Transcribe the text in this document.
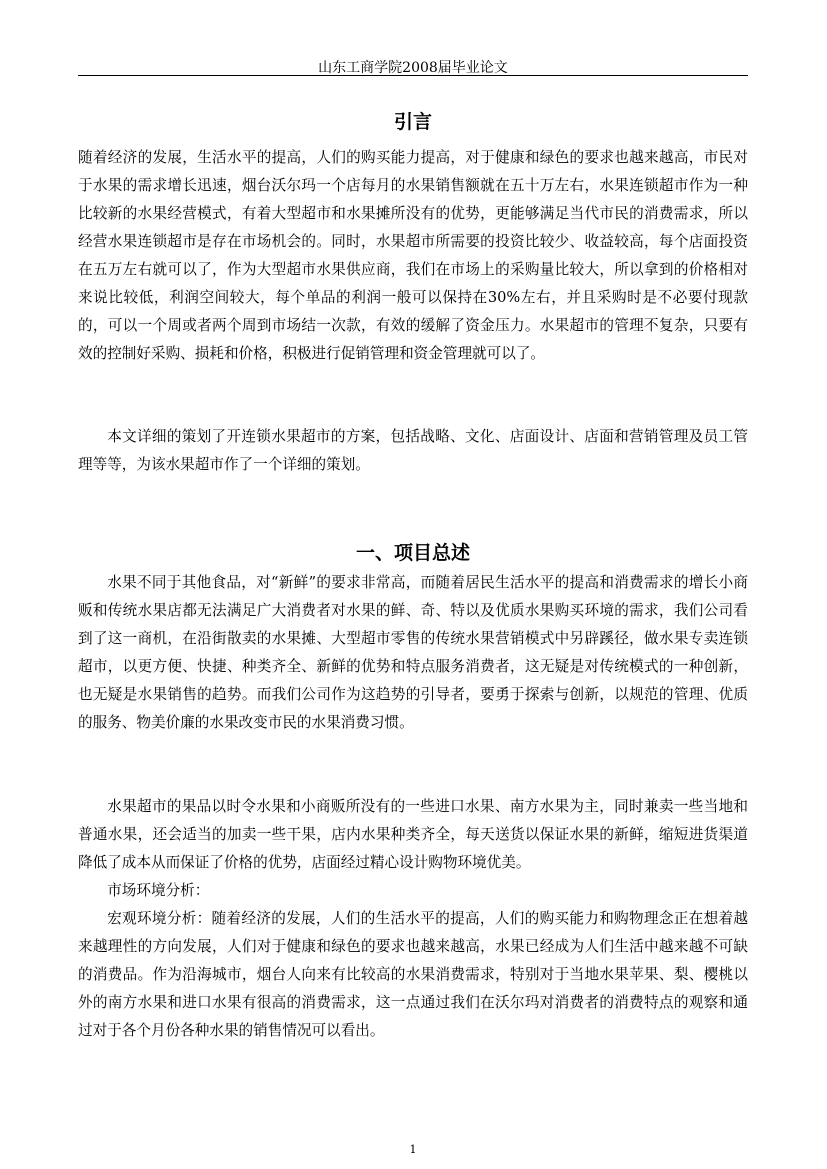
山东工商学院2008届毕业论文
引言

随着经济的发展，生活水平的提高，人们的购买能力提高，对于健康和绿色的要求也越来越高，市民对于水果的需求增长迅速，烟台沃尔玛一个店每月的水果销售额就在五十万左右，水果连锁超市作为一种比较新的水果经营模式，有着大型超市和水果摊所没有的优势，更能够满足当代市民的消费需求，所以经营水果连锁超市是存在市场机会的。同时，水果超市所需要的投资比较少、收益较高，每个店面投资在五万左右就可以了，作为大型超市水果供应商，我们在市场上的采购量比较大，所以拿到的价格相对来说比较低，利润空间较大，每个单品的利润一般可以保持在30%左右，并且采购时是不必要付现款的，可以一个周或者两个周到市场结一次款，有效的缓解了资金压力。水果超市的管理不复杂，只要有效的控制好采购、损耗和价格，积极进行促销管理和资金管理就可以了。

本文详细的策划了开连锁水果超市的方案，包括战略、文化、店面设计、店面和营销管理及员工管理等等，为该水果超市作了一个详细的策划。

一、项目总述

水果不同于其他食品，对“新鲜”的要求非常高，而随着居民生活水平的提高和消费需求的增长小商贩和传统水果店都无法满足广大消费者对水果的鲜、奇、特以及优质水果购买环境的需求，我们公司看到了这一商机，在沿街散卖的水果摊、大型超市零售的传统水果营销模式中另辟蹊径，做水果专卖连锁超市，以更方便、快捷、种类齐全、新鲜的优势和特点服务消费者，这无疑是对传统模式的一种创新，也无疑是水果销售的趋势。而我们公司作为这趋势的引导者，要勇于探索与创新，以规范的管理、优质的服务、物美价廉的水果改变市民的水果消费习惯。

水果超市的果品以时令水果和小商贩所没有的一些进口水果、南方水果为主，同时兼卖一些当地和普通水果，还会适当的加卖一些干果，店内水果种类齐全，每天送货以保证水果的新鲜，缩短进货渠道降低了成本从而保证了价格的优势，店面经过精心设计购物环境优美。

市场环境分析：

宏观环境分析：随着经济的发展，人们的生活水平的提高，人们的购买能力和购物理念正在想着越来越理性的方向发展，人们对于健康和绿色的要求也越来越高，水果已经成为人们生活中越来越不可缺的消费品。作为沿海城市，烟台人向来有比较高的水果消费需求，特别对于当地水果苹果、梨、樱桃以外的南方水果和进口水果有很高的消费需求，这一点通过我们在沃尔玛对消费者的消费特点的观察和通过对于各个月份各种水果的销售情况可以看出。

1
